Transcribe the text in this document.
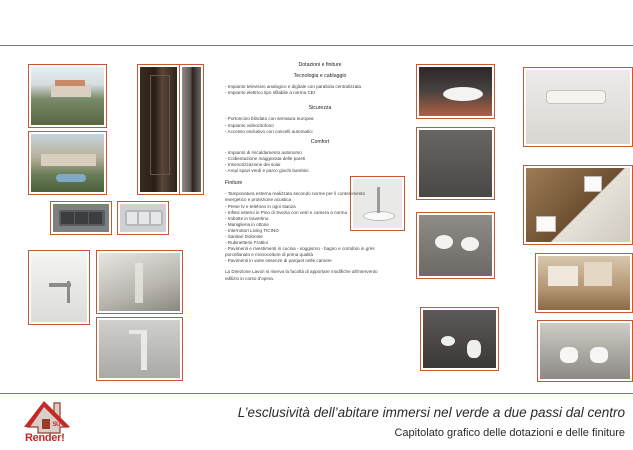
Dotazioni e finiture
Tecnologia e cablaggio

- Impianto televisivo analogico e digitale con parabola centralizzata

- Impianto elettrico tipo sfilabile a norma CEI

Sicurezza

- Portoncino blindato con serratura europea

- Impianto videocitofono

- Accesso esclusivo con cancelli automatici

Comfort

- Impianto di riscaldamento autonomo

- Coibentazione maggiorata delle pareti

- Insonorizzazione dei solai

- Ampi spazi verdi e parco giochi bambini

Finiture

- Tamponatura esterna realizzata secondo norme per il contenimento

energetico e protezione acustica

- Prese tv e telefono in ogni stanza

- Infissi esterni in Pino di Svezia con vetri e camera a norma

- Imbotte in travertino

- Maniglieria in ottone

- Interruttori Living TICINO

- Sanitari Dolomite

- Rubinetterie Frattini

- Pavimenti e rivestimenti in cucina - soggiorno - bagno e corridoio in grès

porcellanato e monocotture di prima qualità

- Pavimenti in varie essenze di parquet nelle camere

La Direzione Lavori si riserva la facoltà di apportare modifiche all'intervento

edilizio in corso d'opera.

Render!$^{SU}$
L’esclusività dell’abitare immersi nel verde a due passi dal centro
Capitolato grafico delle dotazioni e delle finiture
